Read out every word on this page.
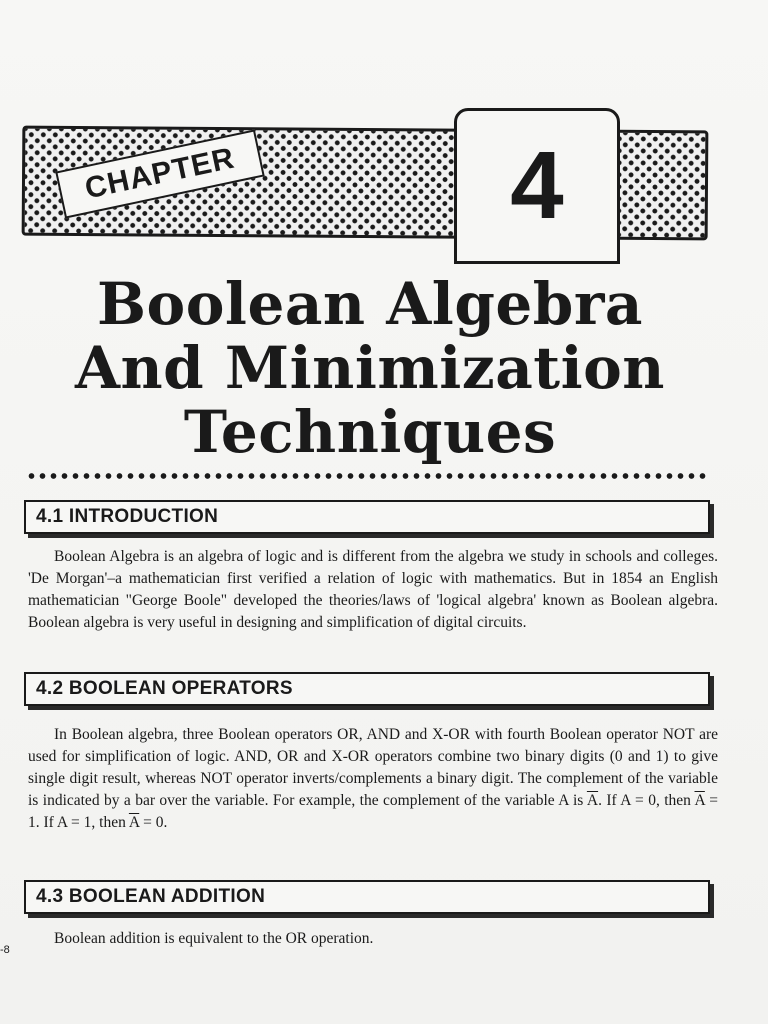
CHAPTER	4
Boolean Algebra
And Minimization
Techniques
4.1 INTRODUCTION

Boolean Algebra is an algebra of logic and is different from the algebra we study in schools and colleges. 'De Morgan'–a mathematician first verified a relation of logic with mathematics. But in 1854 an English mathematician "George Boole" developed the theories/laws of 'logical algebra' known as Boolean algebra. Boolean algebra is very useful in designing and simplification of digital circuits.

4.2 BOOLEAN OPERATORS

In Boolean algebra, three Boolean operators OR, AND and X-OR with fourth Boolean operator NOT are used for simplification of logic. AND, OR and X-OR operators combine two binary digits (0 and 1) to give single digit result, whereas NOT operator inverts/complements a binary digit. The complement of the variable is indicated by a bar over the variable. For example, the complement of the variable A is $\overline{A}$. If A = 0, then $\overline{A} = 1$. If A = 1, then $\overline{A} = 0$.

4.3 BOOLEAN ADDITION

Boolean addition is equivalent to the OR operation.

-8
